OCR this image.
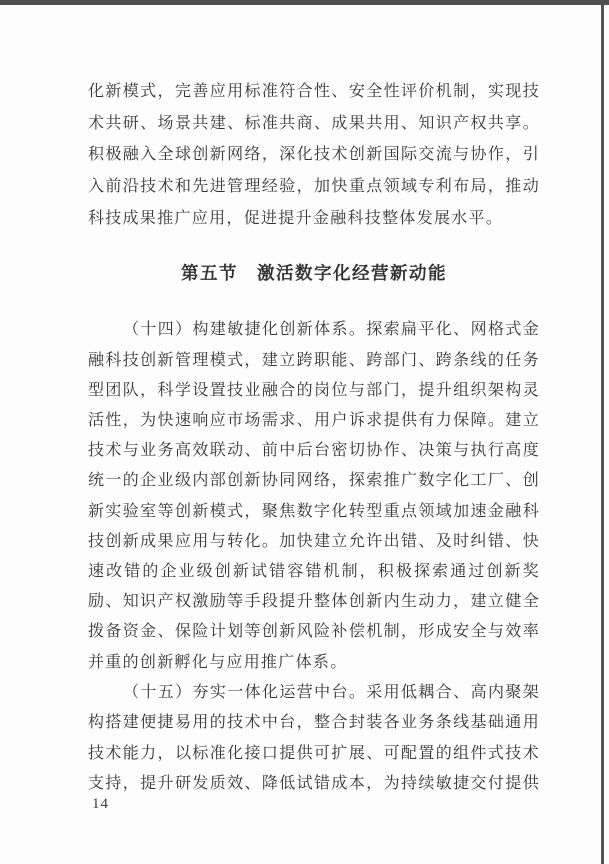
化新模式，完善应用标准符合性、安全性评价机制，实现技
术共研、场景共建、标准共商、成果共用、知识产权共享。
积极融入全球创新网络，深化技术创新国际交流与协作，引
入前沿技术和先进管理经验，加快重点领域专利布局，推动
科技成果推广应用，促进提升金融科技整体发展水平。
第五节　激活数字化经营新动能
（十四）构建敏捷化创新体系。探索扁平化、网格式金
融科技创新管理模式，建立跨职能、跨部门、跨条线的任务
型团队，科学设置技业融合的岗位与部门，提升组织架构灵
活性，为快速响应市场需求、用户诉求提供有力保障。建立
技术与业务高效联动、前中后台密切协作、决策与执行高度
统一的企业级内部创新协同网络，探索推广数字化工厂、创
新实验室等创新模式，聚焦数字化转型重点领域加速金融科
技创新成果应用与转化。加快建立允许出错、及时纠错、快
速改错的企业级创新试错容错机制，积极探索通过创新奖
励、知识产权激励等手段提升整体创新内生动力，建立健全
拨备资金、保险计划等创新风险补偿机制，形成安全与效率
并重的创新孵化与应用推广体系。
（十五）夯实一体化运营中台。采用低耦合、高内聚架
构搭建便捷易用的技术中台，整合封装各业务条线基础通用
技术能力，以标准化接口提供可扩展、可配置的组件式技术
支持，提升研发质效、降低试错成本，为持续敏捷交付提供
14
